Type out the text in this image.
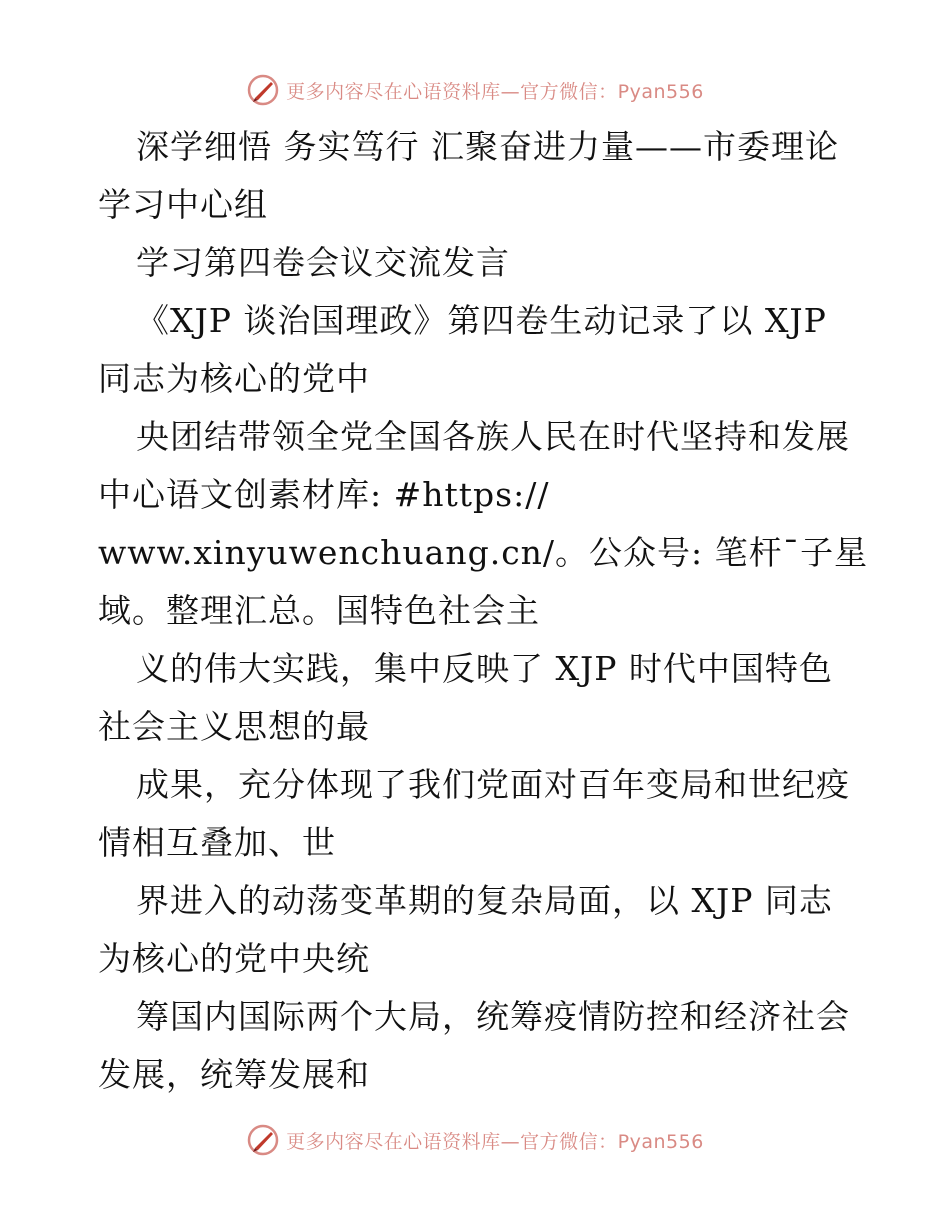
更多内容尽在心语资料库—官方微信：Pyan556
深学细悟 务实笃行 汇聚奋进力量——市委理论
学习中心组
学习第四卷会议交流发言
《XJP 谈治国理政》第四卷生动记录了以 XJP
同志为核心的党中
央团结带领全党全国各族人民在时代坚持和发展
中心语文创素材库: #https://
www.xinyuwenchuang.cn/。公众号: 笔杆¯子星
域。整理汇总。国特色社会主
义的伟大实践，集中反映了 XJP 时代中国特色
社会主义思想的最
成果，充分体现了我们党面对百年变局和世纪疫
情相互叠加、世
界进入的动荡变革期的复杂局面，以 XJP 同志
为核心的党中央统
筹国内国际两个大局，统筹疫情防控和经济社会
发展，统筹发展和
更多内容尽在心语资料库—官方微信：Pyan556
